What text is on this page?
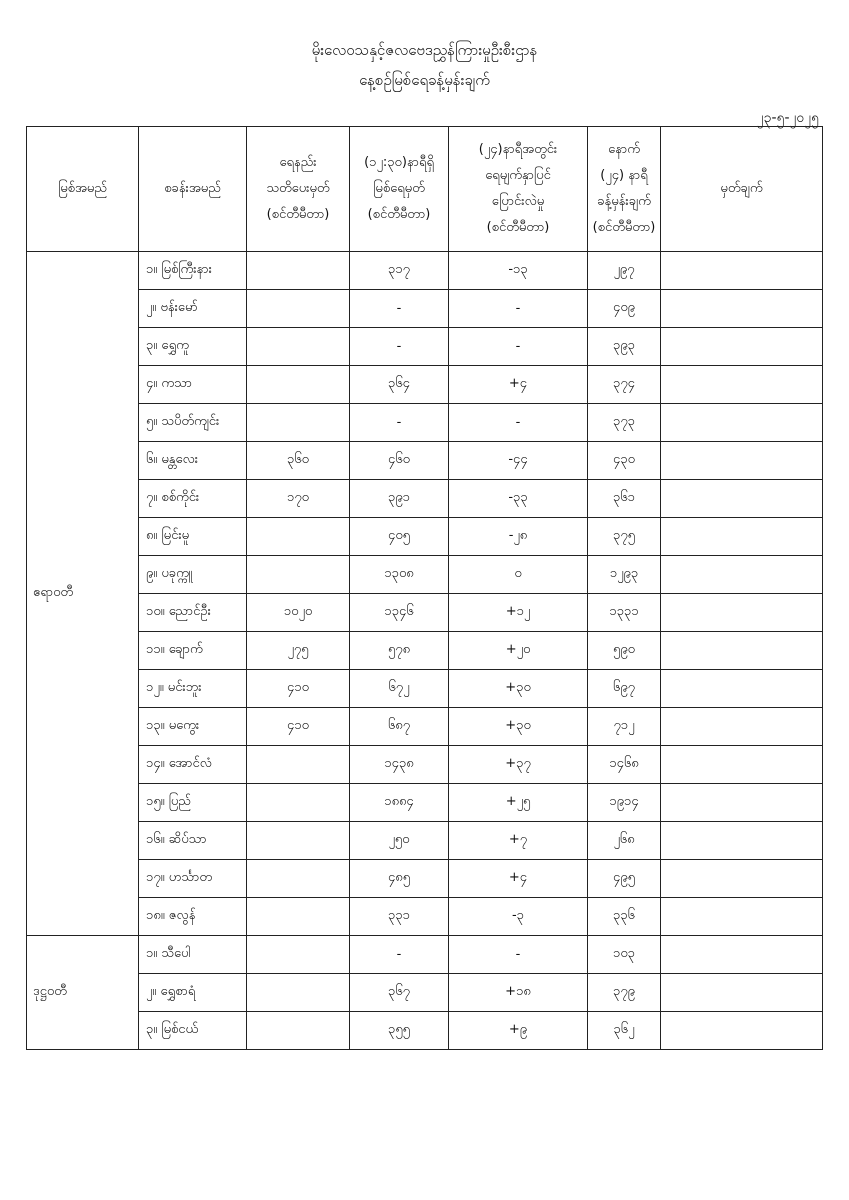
မိုးလေဝသနှင့်ဇလဗေဒညွှန်ကြားမှုဦးစီးဌာန
နေ့စဉ်မြစ်ရေခန့်မှန်းချက်
၂၃-၅-၂၀၂၅
မြစ်အမည်	စခန်းအမည်	ရေနည်း
သတိပေးမှတ်
(စင်တီမီတာ)	(၁၂:၃၀)နာရီရှိ
မြစ်ရေမှတ်
(စင်တီမီတာ)	(၂၄)နာရီအတွင်း
ရေမျက်နှာပြင်
ပြောင်းလဲမှု
(စင်တီမီတာ)	နောက်
(၂၄) နာရီ
ခန့်မှန်းချက်
(စင်တီမီတာ)	မှတ်ချက်
ဧရာဝတီ	၁။ မြစ်ကြီးနား		၃၁၇	-၁၃	၂၉၇	
	၂။ ဗန်းမော်		-	-	၄၀၉	
	၃။ ရွှေကူ		-	-	၃၉၃	
	၄။ ကသာ		၃၆၄	+၄	၃၇၄	
	၅။ သပိတ်ကျင်း		-	-	၃၇၃	
	၆။ မန္တလေး	၃၆၀	၄၆၀	-၄၄	၄၃၀	
	၇။ စစ်ကိုင်း	၁၇၀	၃၉၁	-၃၃	၃၆၁	
	၈။ မြင်းမူ		၄၀၅	-၂၈	၃၇၅	
	၉။ ပခုက္ကူ		၁၃၀၈	၀	၁၂၉၃	
	၁၀။ ညောင်ဦး	၁၀၂၀	၁၃၄၆	+၁၂	၁၃၃၁	
	၁၁။ ချောက်	၂၇၅	၅၇၈	+၂၀	၅၉၀	
	၁၂။ မင်းဘူး	၄၁၀	၆၇၂	+၃၀	၆၉၇	
	၁၃။ မကွေး	၄၁၀	၆၈၇	+၃၀	၇၁၂	
	၁၄။ အောင်လံ		၁၄၃၈	+၃၇	၁၄၆၈	
	၁၅။ ပြည်		၁၈၈၄	+၂၅	၁၉၁၄	
	၁၆။ ဆိပ်သာ		၂၅၀	+၇	၂၆၈	
	၁၇။ ဟင်္သာတ		၄၈၅	+၄	၄၉၅	
	၁၈။ ဇလွန်		၃၃၁	-၃	၃၃၆	
ဒုဋ္ဌဝတီ	၁။ သီပေါ		-	-	၁၀၃	
	၂။ ရွှေစာရံ		၃၆၇	+၁၈	၃၇၉	
	၃။ မြစ်ငယ်		၃၅၅	+၉	၃၆၂	
